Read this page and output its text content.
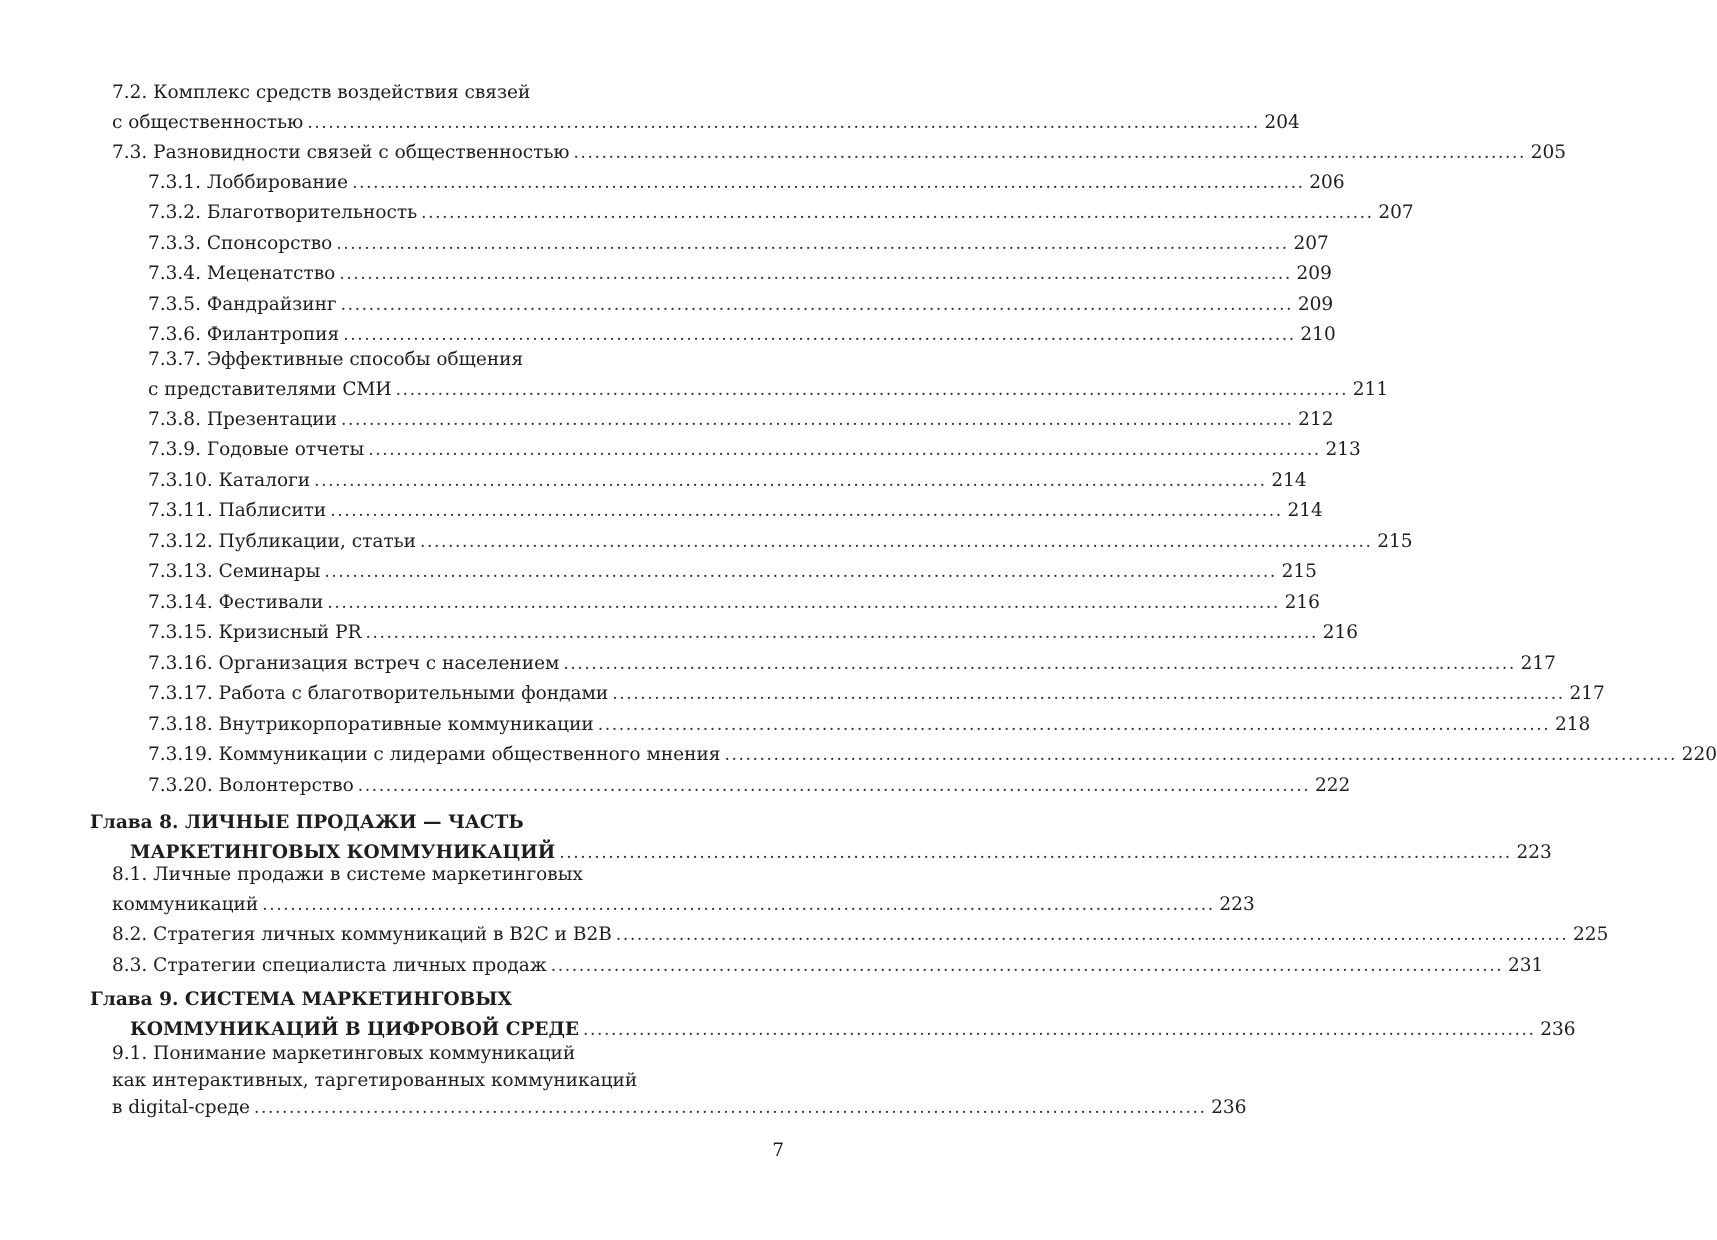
7.2. Комплекс средств воздействия связей
с общественностью ........................................................................................................................................ 204
7.3. Разновидности связей с общественностью ........................................................................................................................................ 205
7.3.1. Лоббирование ........................................................................................................................................ 206
7.3.2. Благотворительность ........................................................................................................................................ 207
7.3.3. Спонсорство ........................................................................................................................................ 207
7.3.4. Меценатство ........................................................................................................................................ 209
7.3.5. Фандрайзинг ........................................................................................................................................ 209
7.3.6. Филантропия ........................................................................................................................................ 210
7.3.7. Эффективные способы общения
с представителями СМИ ........................................................................................................................................ 211
7.3.8. Презентации ........................................................................................................................................ 212
7.3.9. Годовые отчеты ........................................................................................................................................ 213
7.3.10. Каталоги ........................................................................................................................................ 214
7.3.11. Паблисити ........................................................................................................................................ 214
7.3.12. Публикации, статьи ........................................................................................................................................ 215
7.3.13. Семинары ........................................................................................................................................ 215
7.3.14. Фестивали ........................................................................................................................................ 216
7.3.15. Кризисный PR ........................................................................................................................................ 216
7.3.16. Организация встреч с населением ........................................................................................................................................ 217
7.3.17. Работа с благотворительными фондами ........................................................................................................................................ 217
7.3.18. Внутрикорпоративные коммуникации ........................................................................................................................................ 218
7.3.19. Коммуникации с лидерами общественного мнения ........................................................................................................................................ 220
7.3.20. Волонтерство ........................................................................................................................................ 222
Глава 8. ЛИЧНЫЕ ПРОДАЖИ — ЧАСТЬ
МАРКЕТИНГОВЫХ КОММУНИКАЦИЙ ........................................................................................................................................ 223
8.1. Личные продажи в системе маркетинговых
коммуникаций ........................................................................................................................................ 223
8.2. Стратегия личных коммуникаций в B2C и B2B ........................................................................................................................................ 225
8.3. Стратегии специалиста личных продаж ........................................................................................................................................ 231
Глава 9. СИСТЕМА МАРКЕТИНГОВЫХ
КОММУНИКАЦИЙ В ЦИФРОВОЙ СРЕДЕ ........................................................................................................................................ 236
9.1. Понимание маркетинговых коммуникаций
как интерактивных, таргетированных коммуникаций
в digital-среде ........................................................................................................................................ 236
7
